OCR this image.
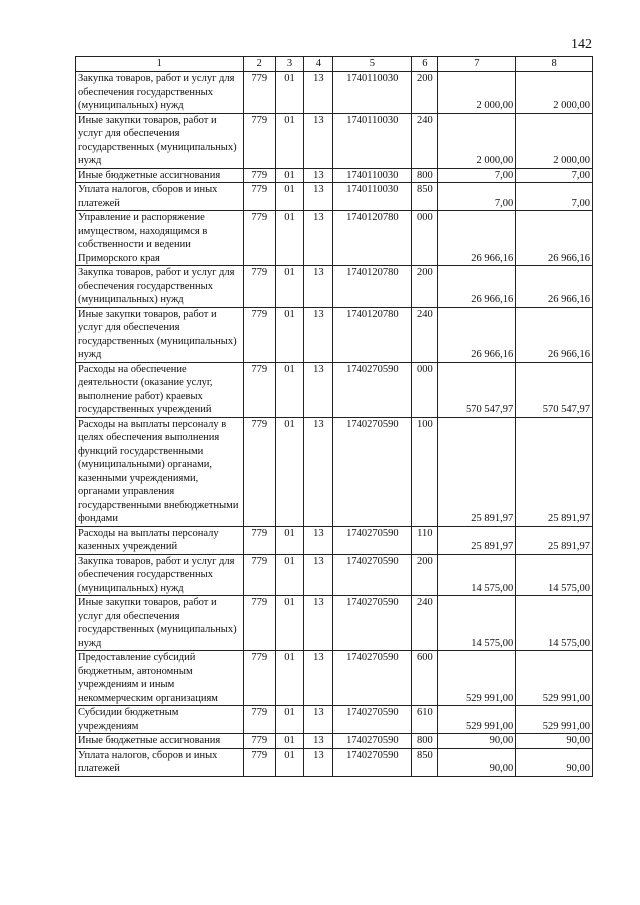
142
1	2	3	4	5	6	7	8
Закупка товаров, работ и услуг для обеспечения государственных (муниципальных) нужд	779	01	13	1740110030	200	2 000,00	2 000,00
Иные закупки товаров, работ и услуг для обеспечения государственных (муниципальных) нужд	779	01	13	1740110030	240	2 000,00	2 000,00
Иные бюджетные ассигнования	779	01	13	1740110030	800	7,00	7,00
Уплата налогов, сборов и иных платежей	779	01	13	1740110030	850	7,00	7,00
Управление и распоряжение имуществом, находящимся в собственности и ведении Приморского края	779	01	13	1740120780	000	26 966,16	26 966,16
Закупка товаров, работ и услуг для обеспечения государственных (муниципальных) нужд	779	01	13	1740120780	200	26 966,16	26 966,16
Иные закупки товаров, работ и услуг для обеспечения государственных (муниципальных) нужд	779	01	13	1740120780	240	26 966,16	26 966,16
Расходы на обеспечение деятельности (оказание услуг, выполнение работ) краевых государственных учреждений	779	01	13	1740270590	000	570 547,97	570 547,97
Расходы на выплаты персоналу в целях обеспечения выполнения функций государственными (муниципальными) органами, казенными учреждениями, органами управления государственными внебюджетными фондами	779	01	13	1740270590	100	25 891,97	25 891,97
Расходы на выплаты персоналу казенных учреждений	779	01	13	1740270590	110	25 891,97	25 891,97
Закупка товаров, работ и услуг для обеспечения государственных (муниципальных) нужд	779	01	13	1740270590	200	14 575,00	14 575,00
Иные закупки товаров, работ и услуг для обеспечения государственных (муниципальных) нужд	779	01	13	1740270590	240	14 575,00	14 575,00
Предоставление субсидий бюджетным, автономным учреждениям и иным некоммерческим организациям	779	01	13	1740270590	600	529 991,00	529 991,00
Субсидии бюджетным учреждениям	779	01	13	1740270590	610	529 991,00	529 991,00
Иные бюджетные ассигнования	779	01	13	1740270590	800	90,00	90,00
Уплата налогов, сборов и иных платежей	779	01	13	1740270590	850	90,00	90,00
